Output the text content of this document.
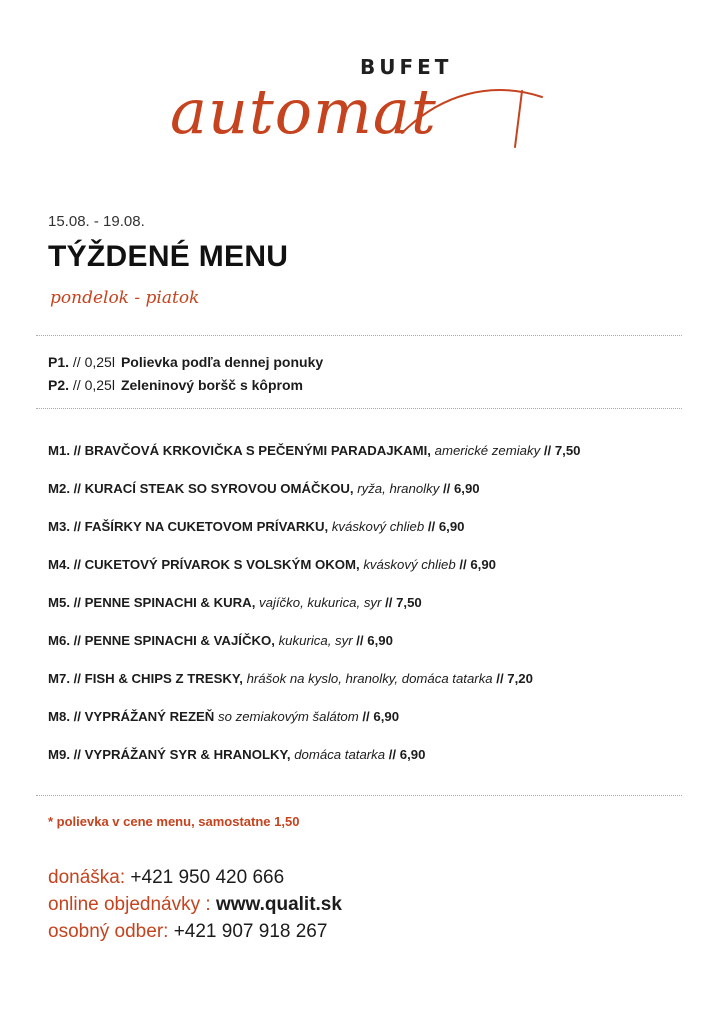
BUFET
automat
15.08. - 19.08.
TÝŽDENÉ MENU
pondelok - piatok
P1. // 0,25l Polievka podľa dennej ponuky
P2. // 0,25l Zeleninový boršč s kôprom
M1. // BRAVČOVÁ KRKOVIČKA S PEČENÝMI PARADAJKAMI, americké zemiaky // 7,50
M2. // KURACÍ STEAK SO SYROVOU OMÁČKOU, ryža, hranolky // 6,90
M3. // FAŠÍRKY NA CUKETOVOM PRÍVARKU, kváskový chlieb // 6,90
M4. // CUKETOVÝ PRÍVAROK S VOLSKÝM OKOM, kváskový chlieb // 6,90
M5. // PENNE SPINACHI & KURA, vajíčko, kukurica, syr // 7,50
M6. // PENNE SPINACHI & VAJÍČKO, kukurica, syr // 6,90
M7. // FISH & CHIPS Z TRESKY, hrášok na kyslo, hranolky, domáca tatarka // 7,20
M8. // VYPRÁŽANÝ REZEŇ so zemiakovým šalátom // 6,90
M9. // VYPRÁŽANÝ SYR & HRANOLKY, domáca tatarka // 6,90
* polievka v cene menu, samostatne 1,50
donáška: +421 950 420 666
online objednávky : www.qualit.sk
osobný odber: +421 907 918 267
